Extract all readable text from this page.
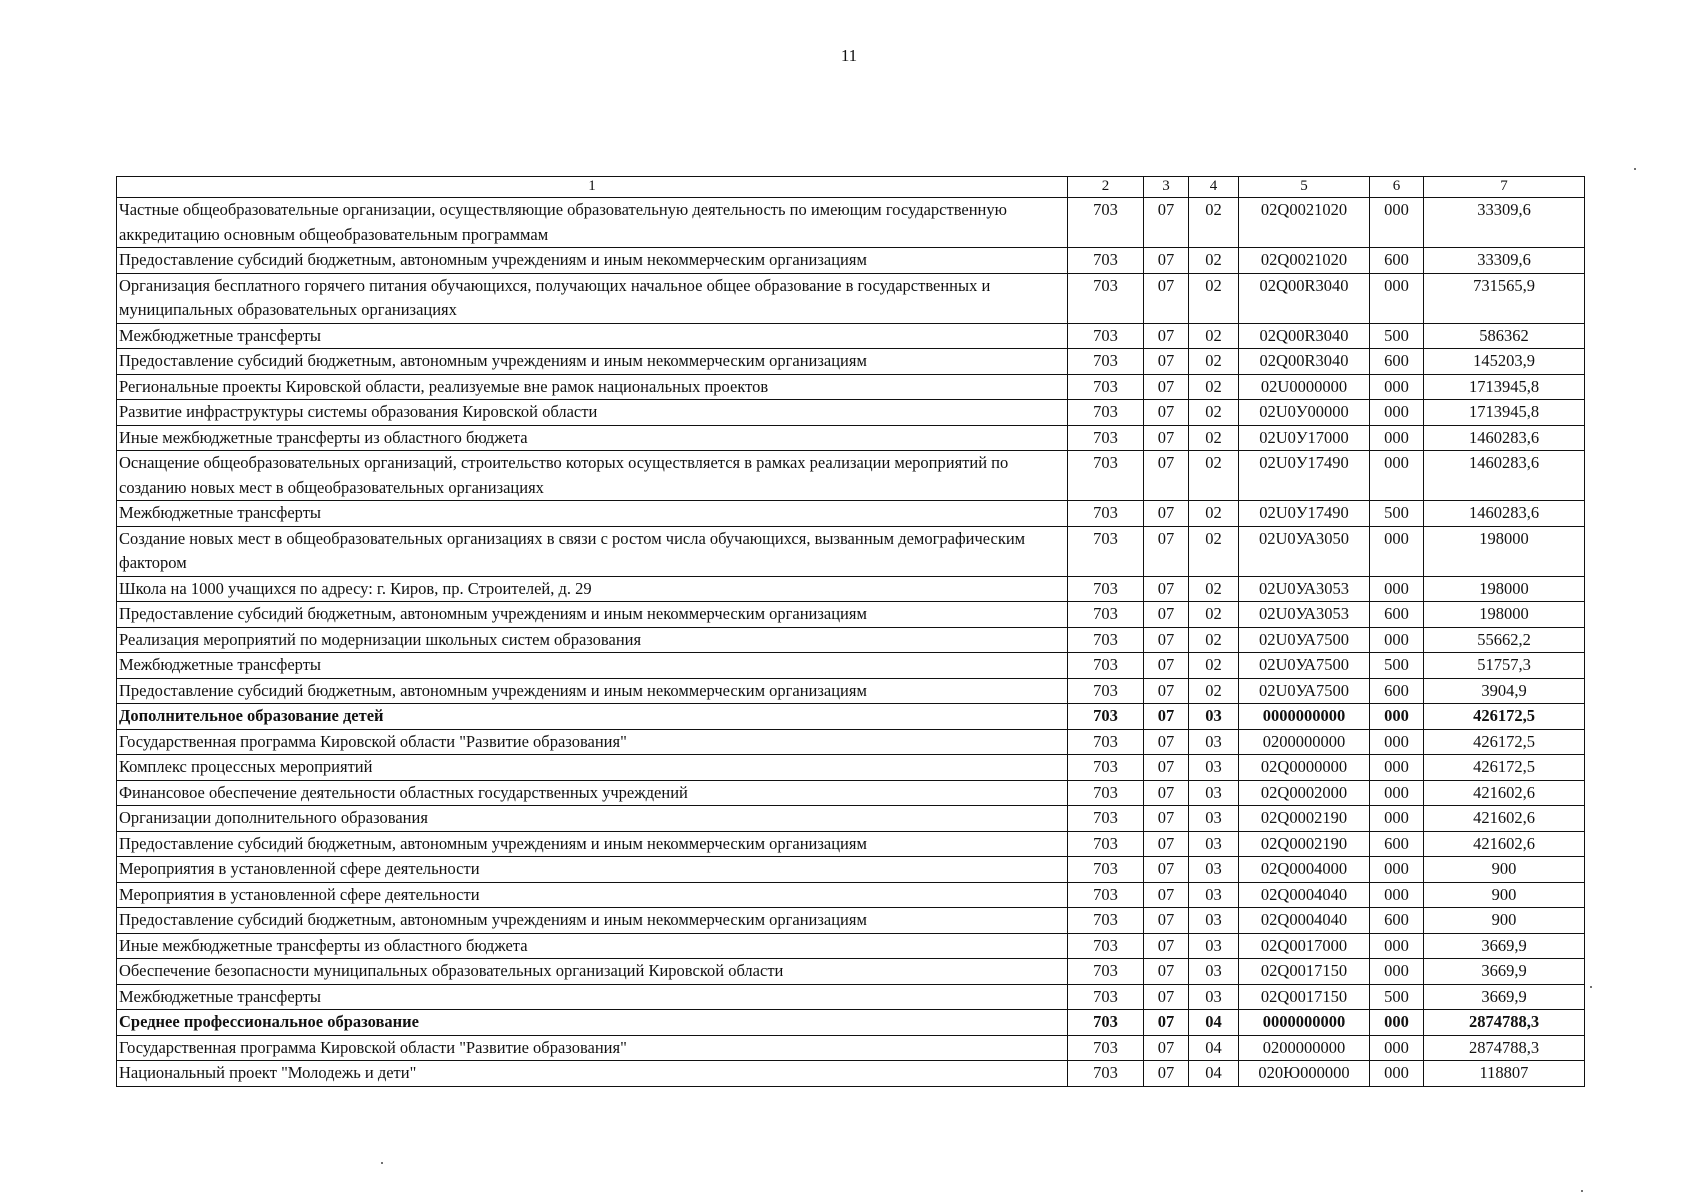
11
1	2	3	4	5	6	7
Частные общеобразовательные организации, осуществляющие образовательную деятельность по имеющим государственную аккредитацию основным общеобразовательным программам	703	07	02	02Q0021020	000	33309,6
Предоставление субсидий бюджетным, автономным учреждениям и иным некоммерческим организациям	703	07	02	02Q0021020	600	33309,6
Организация бесплатного горячего питания обучающихся, получающих начальное общее образование в государственных и муниципальных образовательных организациях	703	07	02	02Q00R3040	000	731565,9
Межбюджетные трансферты	703	07	02	02Q00R3040	500	586362
Предоставление субсидий бюджетным, автономным учреждениям и иным некоммерческим организациям	703	07	02	02Q00R3040	600	145203,9
Региональные проекты Кировской области, реализуемые вне рамок национальных проектов	703	07	02	02U0000000	000	1713945,8
Развитие инфраструктуры системы образования Кировской области	703	07	02	02U0У00000	000	1713945,8
Иные межбюджетные трансферты из областного бюджета	703	07	02	02U0У17000	000	1460283,6
Оснащение общеобразовательных организаций, строительство которых осуществляется в рамках реализации мероприятий по созданию новых мест в общеобразовательных организациях	703	07	02	02U0У17490	000	1460283,6
Межбюджетные трансферты	703	07	02	02U0У17490	500	1460283,6
Создание новых мест в общеобразовательных организациях в связи с ростом числа обучающихся, вызванным демографическим фактором	703	07	02	02U0УА3050	000	198000
Школа на 1000 учащихся по адресу: г. Киров, пр. Строителей, д. 29	703	07	02	02U0УА3053	000	198000
Предоставление субсидий бюджетным, автономным учреждениям и иным некоммерческим организациям	703	07	02	02U0УА3053	600	198000
Реализация мероприятий по модернизации школьных систем образования	703	07	02	02U0УА7500	000	55662,2
Межбюджетные трансферты	703	07	02	02U0УА7500	500	51757,3
Предоставление субсидий бюджетным, автономным учреждениям и иным некоммерческим организациям	703	07	02	02U0УА7500	600	3904,9
Дополнительное образование детей	703	07	03	0000000000	000	426172,5
Государственная программа Кировской области "Развитие образования"	703	07	03	0200000000	000	426172,5
Комплекс процессных мероприятий	703	07	03	02Q0000000	000	426172,5
Финансовое обеспечение деятельности областных государственных учреждений	703	07	03	02Q0002000	000	421602,6
Организации дополнительного образования	703	07	03	02Q0002190	000	421602,6
Предоставление субсидий бюджетным, автономным учреждениям и иным некоммерческим организациям	703	07	03	02Q0002190	600	421602,6
Мероприятия в установленной сфере деятельности	703	07	03	02Q0004000	000	900
Мероприятия в установленной сфере деятельности	703	07	03	02Q0004040	000	900
Предоставление субсидий бюджетным, автономным учреждениям и иным некоммерческим организациям	703	07	03	02Q0004040	600	900
Иные межбюджетные трансферты из областного бюджета	703	07	03	02Q0017000	000	3669,9
Обеспечение безопасности муниципальных образовательных организаций Кировской области	703	07	03	02Q0017150	000	3669,9
Межбюджетные трансферты	703	07	03	02Q0017150	500	3669,9
Среднее профессиональное образование	703	07	04	0000000000	000	2874788,3
Государственная программа Кировской области "Развитие образования"	703	07	04	0200000000	000	2874788,3
Национальный проект "Молодежь и дети"	703	07	04	020Ю000000	000	118807
